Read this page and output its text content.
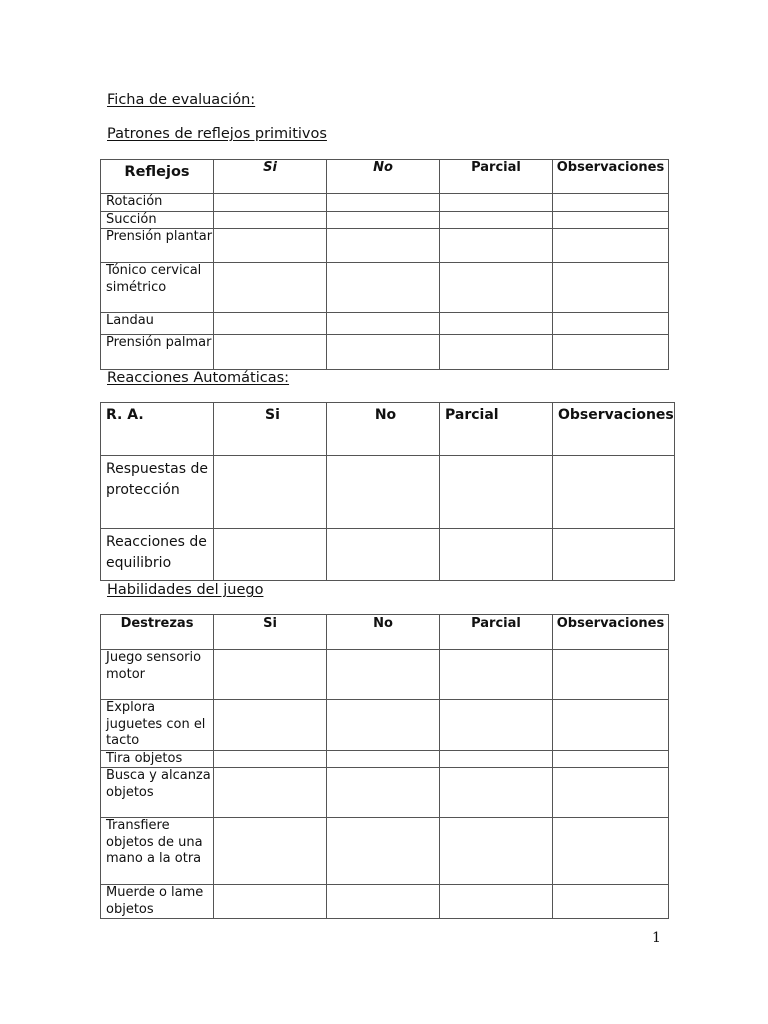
Ficha de evaluación:
Patrones de reflejos primitivos
Reflejos	Si	No	Parcial	Observaciones
Rotación				
Succión				
Prensión plantar				
Tónico cervical simétrico				
Landau				
Prensión palmar				
Reacciones Automáticas:
R. A.	Si	No	Parcial	Observaciones
Respuestas de protección				
Reacciones de equilibrio				
Habilidades del juego
Destrezas	Si	No	Parcial	Observaciones
Juego sensorio motor				
Explora juguetes con el tacto				
Tira objetos				
Busca y alcanza objetos				
Transfiere objetos de una mano a la otra				
Muerde o lame objetos				
1
